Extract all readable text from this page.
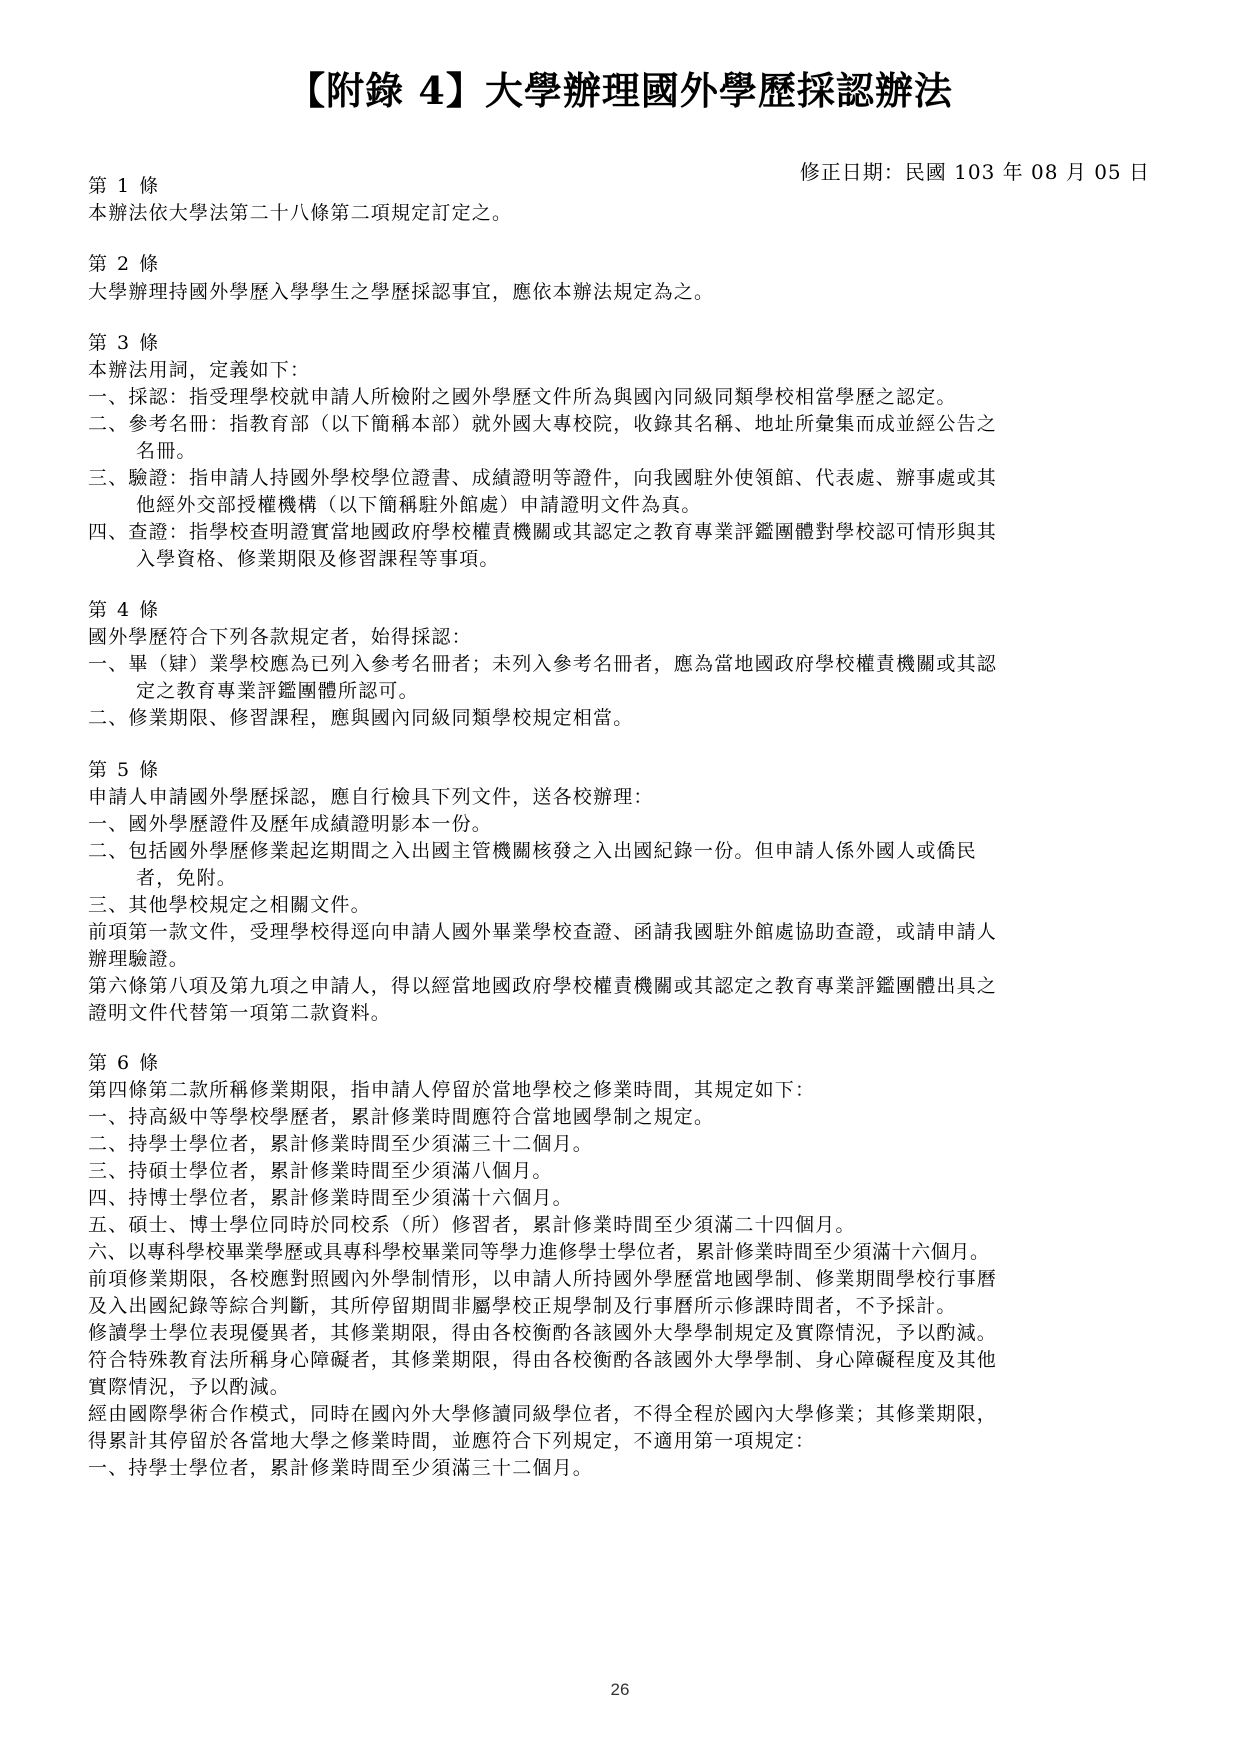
【附錄 4】大學辦理國外學歷採認辦法
修正日期：民國 103 年 08 月 05 日
第 1 條
本辦法依大學法第二十八條第二項規定訂定之。
第 2 條
大學辦理持國外學歷入學學生之學歷採認事宜，應依本辦法規定為之。
第 3 條
本辦法用詞，定義如下：
一、採認：指受理學校就申請人所檢附之國外學歷文件所為與國內同級同類學校相當學歷之認定。
二、參考名冊：指教育部（以下簡稱本部）就外國大專校院，收錄其名稱、地址所彙集而成並經公告之
名冊。
三、驗證：指申請人持國外學校學位證書、成績證明等證件，向我國駐外使領館、代表處、辦事處或其
他經外交部授權機構（以下簡稱駐外館處）申請證明文件為真。
四、查證：指學校查明證實當地國政府學校權責機關或其認定之教育專業評鑑團體對學校認可情形與其
入學資格、修業期限及修習課程等事項。
第 4 條
國外學歷符合下列各款規定者，始得採認：
一、畢（肄）業學校應為已列入參考名冊者；未列入參考名冊者，應為當地國政府學校權責機關或其認
定之教育專業評鑑團體所認可。
二、修業期限、修習課程，應與國內同級同類學校規定相當。
第 5 條
申請人申請國外學歷採認，應自行檢具下列文件，送各校辦理：
一、國外學歷證件及歷年成績證明影本一份。
二、包括國外學歷修業起迄期間之入出國主管機關核發之入出國紀錄一份。但申請人係外國人或僑民
者，免附。
三、其他學校規定之相關文件。
前項第一款文件，受理學校得逕向申請人國外畢業學校查證、函請我國駐外館處協助查證，或請申請人
辦理驗證。
第六條第八項及第九項之申請人，得以經當地國政府學校權責機關或其認定之教育專業評鑑團體出具之
證明文件代替第一項第二款資料。
第 6 條
第四條第二款所稱修業期限，指申請人停留於當地學校之修業時間，其規定如下：
一、持高級中等學校學歷者，累計修業時間應符合當地國學制之規定。
二、持學士學位者，累計修業時間至少須滿三十二個月。
三、持碩士學位者，累計修業時間至少須滿八個月。
四、持博士學位者，累計修業時間至少須滿十六個月。
五、碩士、博士學位同時於同校系（所）修習者，累計修業時間至少須滿二十四個月。
六、以專科學校畢業學歷或具專科學校畢業同等學力進修學士學位者，累計修業時間至少須滿十六個月。
前項修業期限，各校應對照國內外學制情形，以申請人所持國外學歷當地國學制、修業期間學校行事曆
及入出國紀錄等綜合判斷，其所停留期間非屬學校正規學制及行事曆所示修課時間者，不予採計。
修讀學士學位表現優異者，其修業期限，得由各校衡酌各該國外大學學制規定及實際情況，予以酌減。
符合特殊教育法所稱身心障礙者，其修業期限，得由各校衡酌各該國外大學學制、身心障礙程度及其他
實際情況，予以酌減。
經由國際學術合作模式，同時在國內外大學修讀同級學位者，不得全程於國內大學修業；其修業期限，
得累計其停留於各當地大學之修業時間，並應符合下列規定，不適用第一項規定：
一、持學士學位者，累計修業時間至少須滿三十二個月。
26
